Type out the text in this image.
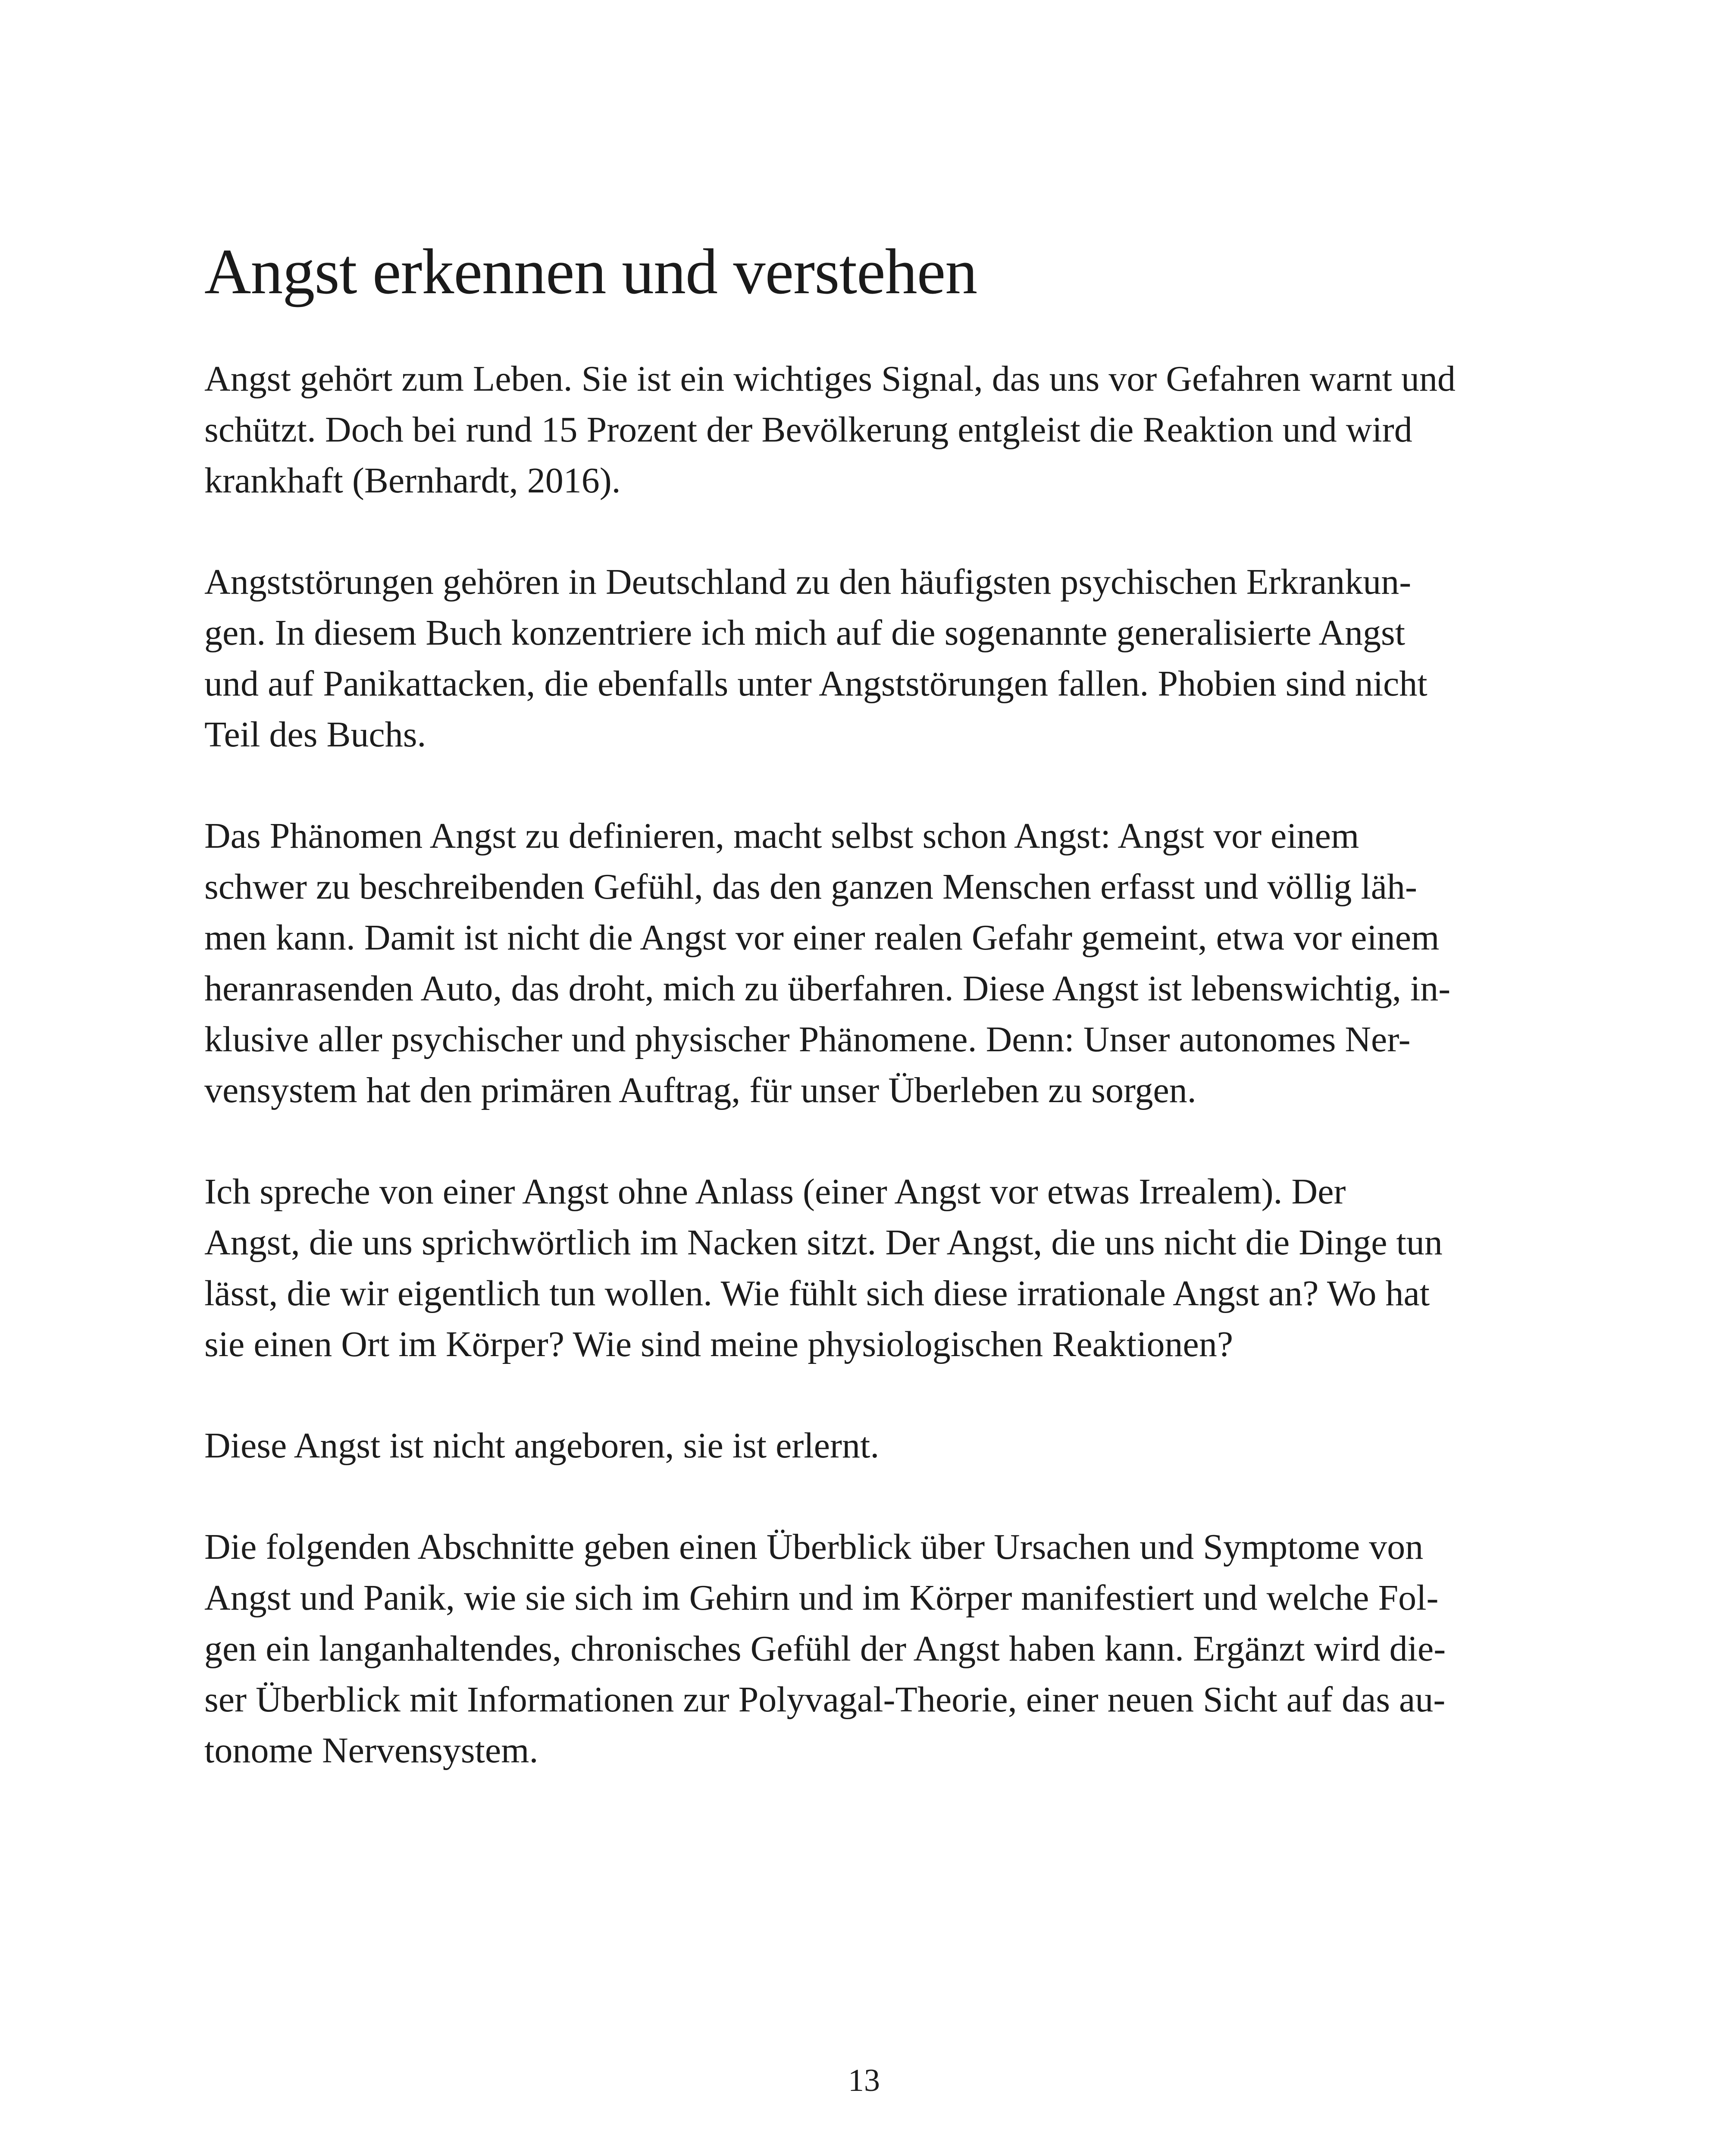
Angst erkennen und verstehen

Angst gehört zum Leben. Sie ist ein wichtiges Signal, das uns vor Gefahren warnt und
schützt. Doch bei rund 15 Prozent der Bevölkerung entgleist die Reaktion und wird
krankhaft (Bernhardt, 2016).

Angststörungen gehören in Deutschland zu den häufigsten psychischen Erkrankun-
gen. In diesem Buch konzentriere ich mich auf die sogenannte generalisierte Angst
und auf Panikattacken, die ebenfalls unter Angststörungen fallen. Phobien sind nicht
Teil des Buchs.

Das Phänomen Angst zu definieren, macht selbst schon Angst: Angst vor einem
schwer zu beschreibenden Gefühl, das den ganzen Menschen erfasst und völlig läh-
men kann. Damit ist nicht die Angst vor einer realen Gefahr gemeint, etwa vor einem
heranrasenden Auto, das droht, mich zu überfahren. Diese Angst ist lebenswichtig, in-
klusive aller psychischer und physischer Phänomene. Denn: Unser autonomes Ner-
vensystem hat den primären Auftrag, für unser Überleben zu sorgen.

Ich spreche von einer Angst ohne Anlass (einer Angst vor etwas Irrealem). Der
Angst, die uns sprichwörtlich im Nacken sitzt. Der Angst, die uns nicht die Dinge tun
lässt, die wir eigentlich tun wollen. Wie fühlt sich diese irrationale Angst an? Wo hat
sie einen Ort im Körper? Wie sind meine physiologischen Reaktionen?

Diese Angst ist nicht angeboren, sie ist erlernt.

Die folgenden Abschnitte geben einen Überblick über Ursachen und Symptome von
Angst und Panik, wie sie sich im Gehirn und im Körper manifestiert und welche Fol-
gen ein langanhaltendes, chronisches Gefühl der Angst haben kann. Ergänzt wird die-
ser Überblick mit Informationen zur Polyvagal-Theorie, einer neuen Sicht auf das au-
tonome Nervensystem.

13
